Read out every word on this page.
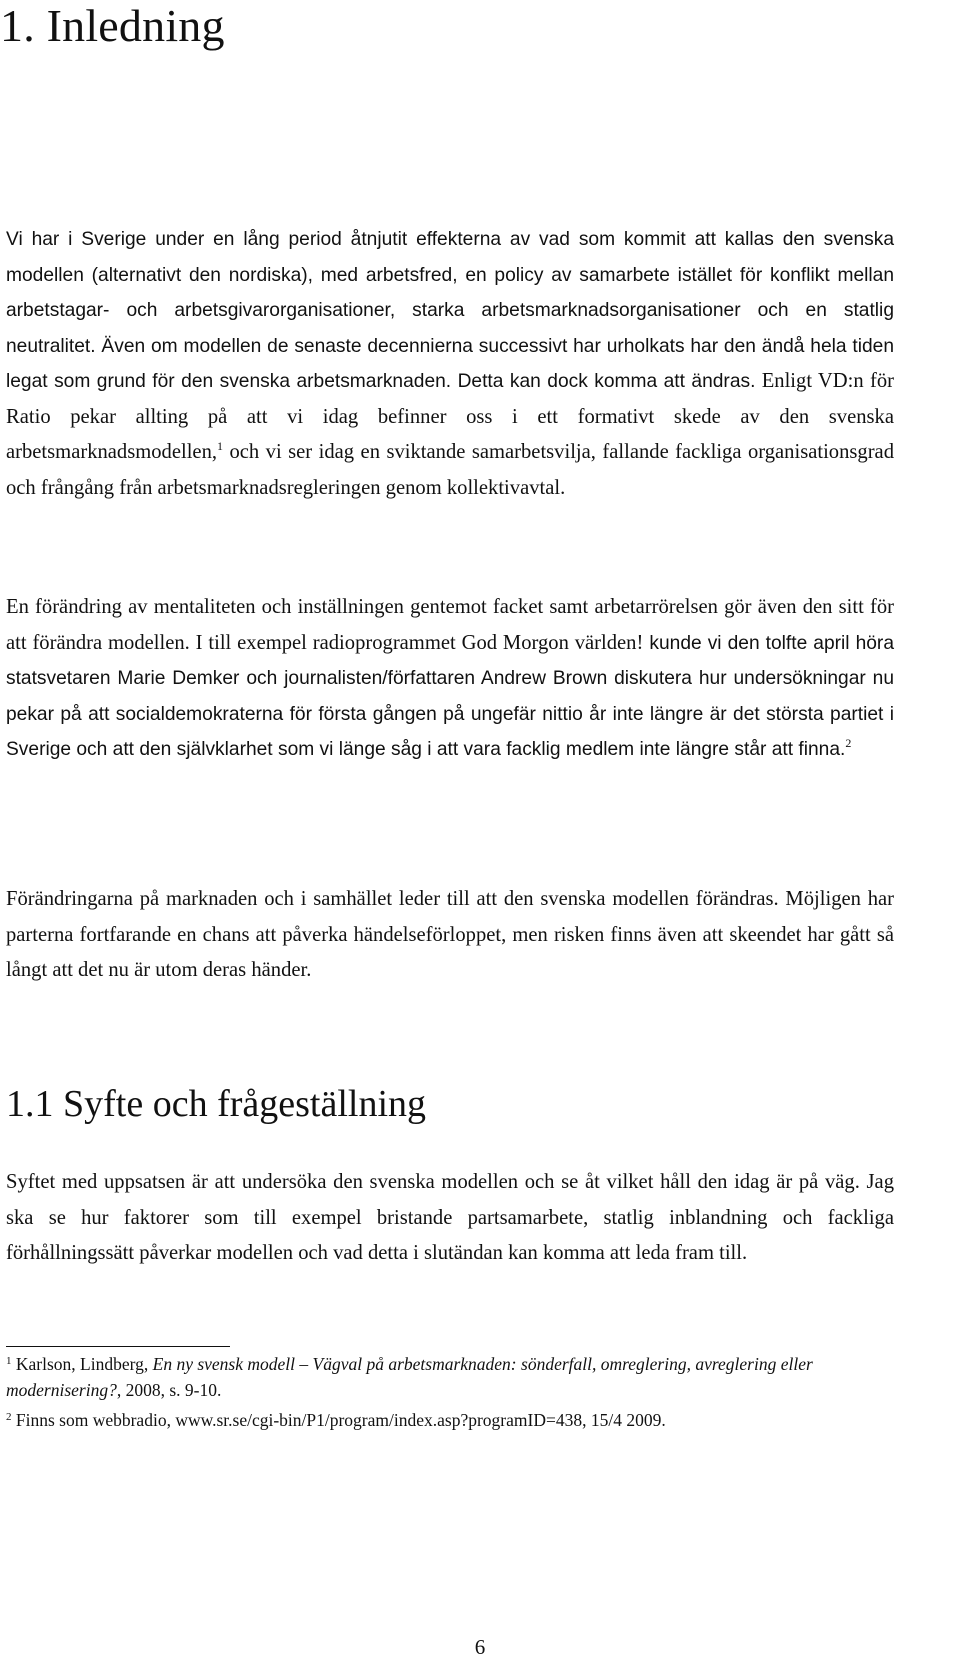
1. Inledning

Vi har i Sverige under en lång period åtnjutit effekterna av vad som kommit att kallas den svenska modellen (alternativt den nordiska), med arbetsfred, en policy av samarbete istället för konflikt mellan arbetstagar- och arbetsgivarorganisationer, starka arbetsmarknadsorganisationer och en statlig neutralitet. Även om modellen de senaste decennierna successivt har urholkats har den ändå hela tiden legat som grund för den svenska arbetsmarknaden. Detta kan dock komma att ändras. Enligt VD:n för Ratio pekar allting på att vi idag befinner oss i ett formativt skede av den svenska arbetsmarknadsmodellen,$^1$ och vi ser idag en sviktande samarbetsvilja, fallande fackliga organisationsgrad och frångång från arbetsmarknadsregleringen genom kollektivavtal.

En förändring av mentaliteten och inställningen gentemot facket samt arbetarrörelsen gör även den sitt för att förändra modellen. I till exempel radioprogrammet God Morgon världen! kunde vi den tolfte april höra statsvetaren Marie Demker och journalisten/författaren Andrew Brown diskutera hur undersökningar nu pekar på att socialdemokraterna för första gången på ungefär nittio år inte längre är det största partiet i Sverige och att den självklarhet som vi länge såg i att vara facklig medlem inte längre står att finna.$^2$

Förändringarna på marknaden och i samhället leder till att den svenska modellen förändras. Möjligen har parterna fortfarande en chans att påverka händelseförloppet, men risken finns även att skeendet har gått så långt att det nu är utom deras händer.

1.1 Syfte och frågeställning

Syftet med uppsatsen är att undersöka den svenska modellen och se åt vilket håll den idag är på väg. Jag ska se hur faktorer som till exempel bristande partsamarbete, statlig inblandning och fackliga förhållningssätt påverkar modellen och vad detta i slutändan kan komma att leda fram till.

$^1$ Karlson, Lindberg, En ny svensk modell – Vägval på arbetsmarknaden: sönderfall, omreglering, avreglering eller modernisering?, 2008, s. 9-10.

$^2$ Finns som webbradio, www.sr.se/cgi-bin/P1/program/index.asp?programID=438, 15/4 2009.

6
